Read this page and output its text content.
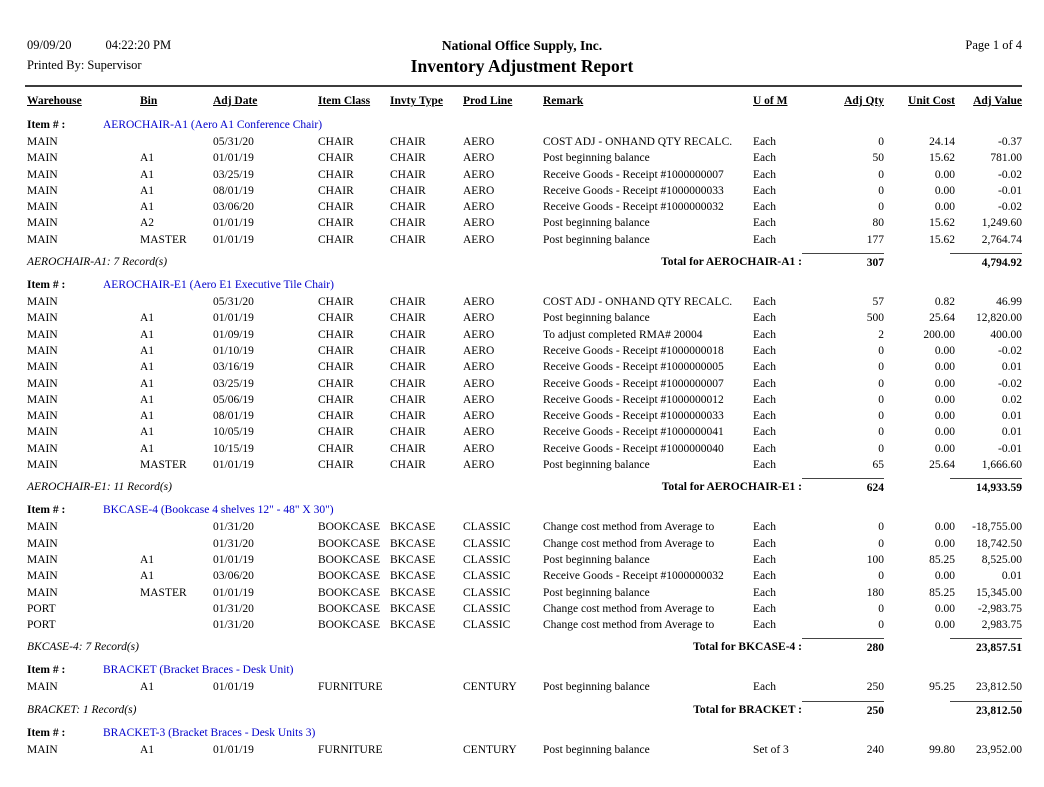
09/09/20	04:22:20 PM
Printed By: Supervisor
National Office Supply, Inc.
Inventory Adjustment Report
Page 1 of 4
Warehouse	Bin	Adj Date	Item Class Invty Type Prod Line	Remark	U of M	Adj Qty Unit Cost Adj Value
Item # :	AEROCHAIR-A1 (Aero A1 Conference Chair)
MAIN	05/31/20	CHAIR	CHAIR	AERO	COST ADJ - ONHAND QTY RECALC. Each	0	24.14	-0.37
MAIN	A1	01/01/19	CHAIR	CHAIR	AERO	Post beginning balance	Each	50	15.62	781.00
MAIN	A1	03/25/19	CHAIR	CHAIR	AERO	Receive Goods - Receipt #1000000007	Each	0	0.00	-0.02
MAIN	A1	08/01/19	CHAIR	CHAIR	AERO	Receive Goods - Receipt #1000000033	Each	0	0.00	-0.01
MAIN	A1	03/06/20	CHAIR	CHAIR	AERO	Receive Goods - Receipt #1000000032	Each	0	0.00	-0.02
MAIN	A2	01/01/19	CHAIR	CHAIR	AERO	Post beginning balance	Each	80	15.62 1,249.60
MAIN	MASTER 01/01/19	CHAIR	CHAIR	AERO	Post beginning balance	Each	177	15.62 2,764.74
AEROCHAIR-A1: 7 Record(s)	Total for AEROCHAIR-A1 :	307	4,794.92
Item # :	AEROCHAIR-E1 (Aero E1 Executive Tile Chair)
MAIN	05/31/20	CHAIR	CHAIR	AERO	COST ADJ - ONHAND QTY RECALC. Each	57	0.82	46.99
MAIN	A1	01/01/19	CHAIR	CHAIR	AERO	Post beginning balance	Each	500	25.64 12,820.00
MAIN	A1	01/09/19	CHAIR	CHAIR	AERO	To adjust completed RMA# 20004	Each	2	200.00	400.00
MAIN	A1	01/10/19	CHAIR	CHAIR	AERO	Receive Goods - Receipt #1000000018	Each	0	0.00	-0.02
MAIN	A1	03/16/19	CHAIR	CHAIR	AERO	Receive Goods - Receipt #1000000005	Each	0	0.00	0.01
MAIN	A1	03/25/19	CHAIR	CHAIR	AERO	Receive Goods - Receipt #1000000007	Each	0	0.00	-0.02
MAIN	A1	05/06/19	CHAIR	CHAIR	AERO	Receive Goods - Receipt #1000000012	Each	0	0.00	0.02
MAIN	A1	08/01/19	CHAIR	CHAIR	AERO	Receive Goods - Receipt #1000000033	Each	0	0.00	0.01
MAIN	A1	10/05/19	CHAIR	CHAIR	AERO	Receive Goods - Receipt #1000000041	Each	0	0.00	0.01
MAIN	A1	10/15/19	CHAIR	CHAIR	AERO	Receive Goods - Receipt #1000000040	Each	0	0.00	-0.01
MAIN	MASTER 01/01/19	CHAIR	CHAIR	AERO	Post beginning balance	Each	65	25.64 1,666.60
AEROCHAIR-E1: 11 Record(s)	Total for AEROCHAIR-E1 :	624	14,933.59
Item # :	BKCASE-4 (Bookcase 4 shelves 12" - 48" X 30")
MAIN	01/31/20	BOOKCASE BKCASE CLASSIC	Change cost method from Average to	Each	0	0.00 -18,755.00
MAIN	01/31/20	BOOKCASE BKCASE CLASSIC	Change cost method from Average to	Each	0	0.00 18,742.50
MAIN	A1	01/01/19	BOOKCASE BKCASE CLASSIC	Post beginning balance	Each	100	85.25 8,525.00
MAIN	A1	03/06/20	BOOKCASE BKCASE CLASSIC	Receive Goods - Receipt #1000000032	Each	0	0.00	0.01
MAIN	MASTER 01/01/19	BOOKCASE BKCASE CLASSIC	Post beginning balance	Each	180	85.25 15,345.00
PORT	01/31/20	BOOKCASE BKCASE CLASSIC	Change cost method from Average to	Each	0	0.00 -2,983.75
PORT	01/31/20	BOOKCASE BKCASE CLASSIC	Change cost method from Average to	Each	0	0.00 2,983.75
BKCASE-4: 7 Record(s)	Total for BKCASE-4 :	280	23,857.51
Item # :	BRACKET (Bracket Braces - Desk Unit)
MAIN	A1	01/01/19	FURNITURE	CENTURY Post beginning balance	Each	250	95.25 23,812.50
BRACKET: 1 Record(s)	Total for BRACKET :	250	23,812.50
Item # :	BRACKET-3 (Bracket Braces - Desk Units 3)
MAIN	A1	01/01/19	FURNITURE	CENTURY Post beginning balance	Set of 3	240	99.80 23,952.00
